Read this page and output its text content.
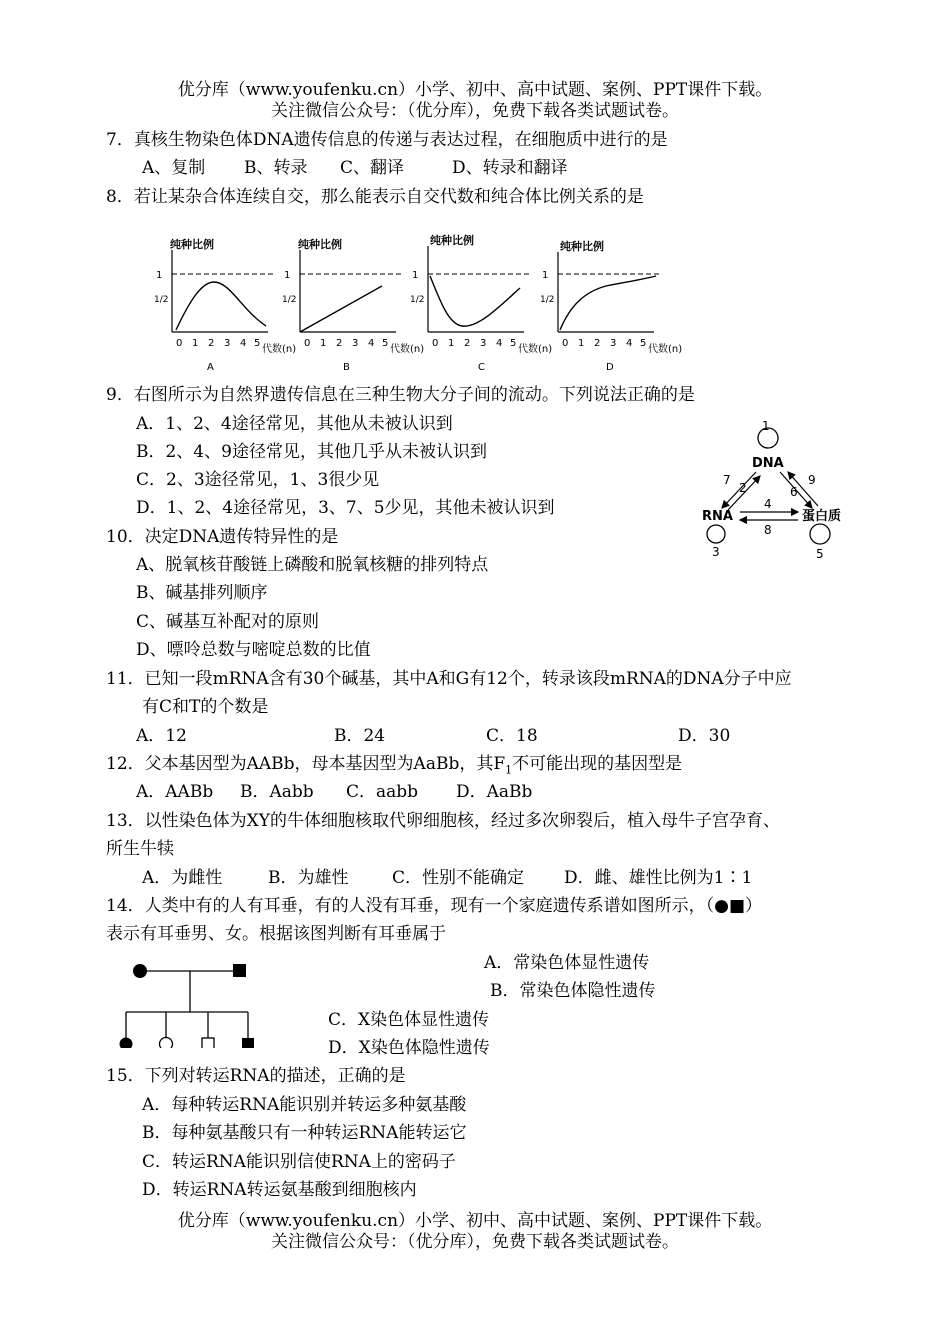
优分库（www.youfenku.cn）小学、初中、高中试题、案例、PPT课件下载。
关注微信公众号：（优分库），免费下载各类试题试卷。
7．真核生物染色体DNA遗传信息的传递与表达过程，在细胞质中进行的是
A、复制 B、转录 C、翻译	D、转录和翻译
8．若让某杂合体连续自交，那么能表示自交代数和纯合体比例关系的是
纯种比例
1
1/2
0 1 2 3 4 5
代数(n)
A
纯种比例
1
1/2
0 1 2 3 4 5
代数(n)
B
纯种比例
1
1/2
0 1 2 3 4 5
代数(n)
C
纯种比例
1
1/2
0 1 2 3 4 5
代数(n)
D
9．右图所示为自然界遗传信息在三种生物大分子间的流动。下列说法正确的是
A．1、2、4途径常见，其他从未被认识到
B．2、4、9途径常见，其他几乎从未被认识到
C．2、3途径常见，1、3很少见
D．1、2、4途径常见，3、7、5少见，其他未被认识到
1
DNA
7
2	6
9
RNA
3
4
8
蛋白质
5
10．决定DNA遗传特异性的是
A、脱氧核苷酸链上磷酸和脱氧核糖的排列特点
B、碱基排列顺序
C、碱基互补配对的原则
D、嘌呤总数与嘧啶总数的比值
11．已知一段mRNA含有30个碱基，其中A和G有12个，转录该段mRNA的DNA分子中应
有C和T的个数是
A．12	B．24	C．18	D．30
12．父本基因型为AABb，母本基因型为AaBb，其$F_1$不可能出现的基因型是
A．AABb B．Aabb C．aabb D．AaBb
13．以性染色体为XY的牛体细胞核取代卵细胞核，经过多次卵裂后，植入母牛子宫孕育、
所生牛犊
A．为雌性	B．为雄性	C．性别不能确定 D．雌、雄性比例为1∶1
14．人类中有的人有耳垂，有的人没有耳垂，现有一个家庭遗传系谱如图所示，（●■）
表示有耳垂男、女。根据该图判断有耳垂属于
A．常染色体显性遗传
B．常染色体隐性遗传
C．X染色体显性遗传
D．X染色体隐性遗传
15．下列对转运RNA的描述，正确的是
A．每种转运RNA能识别并转运多种氨基酸
B．每种氨基酸只有一种转运RNA能转运它
C．转运RNA能识别信使RNA上的密码子
D．转运RNA转运氨基酸到细胞核内
优分库（www.youfenku.cn）小学、初中、高中试题、案例、PPT课件下载。
关注微信公众号：（优分库），免费下载各类试题试卷。
